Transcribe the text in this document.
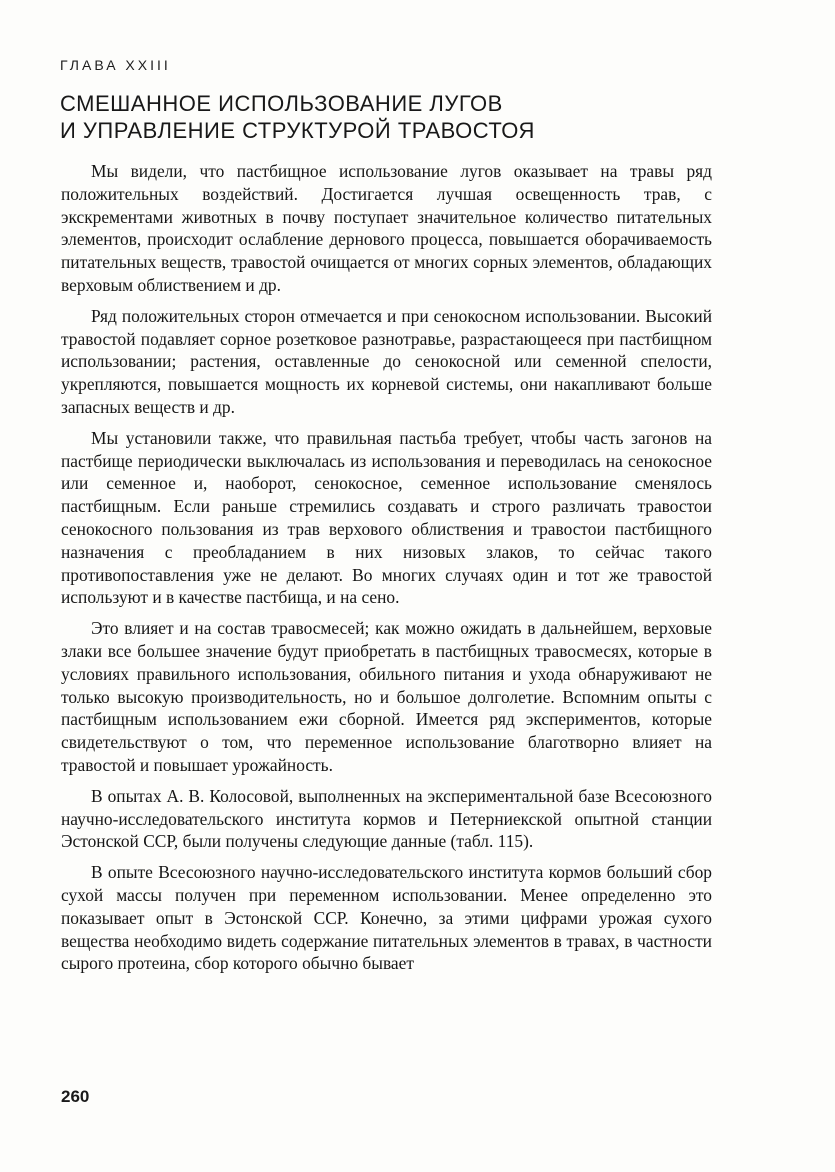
ГЛАВА XXIII
СМЕШАННОЕ ИСПОЛЬЗОВАНИЕ ЛУГОВ
И УПРАВЛЕНИЕ СТРУКТУРОЙ ТРАВОСТОЯ

Мы видели, что пастбищное использование лугов оказывает на травы ряд положительных воздействий. Достигается лучшая освещенность трав, с экскрементами животных в почву поступает значительное количество питательных элементов, происходит ослабление дернового процесса, повышается оборачиваемость питательных веществ, травостой очищается от многих сорных элементов, обладающих верховым облиствением и др.

Ряд положительных сторон отмечается и при сенокосном использовании. Высокий травостой подавляет сорное розетковое разнотравье, разрастающееся при пастбищном использовании; растения, оставленные до сенокосной или семенной спелости, укрепляются, повышается мощность их корневой системы, они накапливают больше запасных веществ и др.

Мы установили также, что правильная пастьба требует, чтобы часть загонов на пастбище периодически выключалась из использования и переводилась на сенокосное или семенное и, наоборот, сенокосное, семенное использование сменялось пастбищным. Если раньше стремились создавать и строго различать травостои сенокосного пользования из трав верхового облиствения и травостои пастбищного назначения с преобладанием в них низовых злаков, то сейчас такого противопоставления уже не делают. Во многих случаях один и тот же травостой используют и в качестве пастбища, и на сено.

Это влияет и на состав травосмесей; как можно ожидать в дальнейшем, верховые злаки все большее значение будут приобретать в пастбищных травосмесях, которые в условиях правильного использования, обильного питания и ухода обнаруживают не только высокую производительность, но и большое долголетие. Вспомним опыты с пастбищным использованием ежи сборной. Имеется ряд экспериментов, которые свидетельствуют о том, что переменное использование благотворно влияет на травостой и повышает урожайность.

В опытах А. В. Колосовой, выполненных на экспериментальной базе Всесоюзного научно-исследовательского института кормов и Петерниекской опытной станции Эстонской ССР, были получены следующие данные (табл. 115).

В опыте Всесоюзного научно-исследовательского института кормов больший сбор сухой массы получен при переменном использовании. Менее определенно это показывает опыт в Эстонской ССР. Конечно, за этими цифрами урожая сухого вещества необходимо видеть содержание питательных элементов в травах, в частности сырого протеина, сбор которого обычно бывает

260
